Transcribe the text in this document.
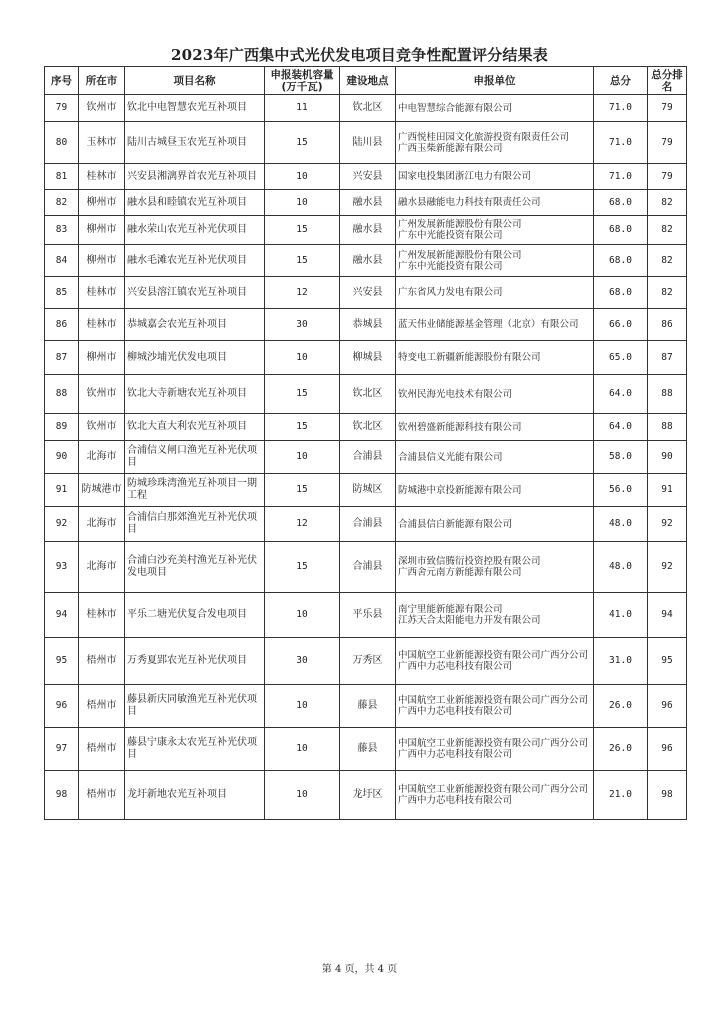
2023年广西集中式光伏发电项目竞争性配置评分结果表
序号	所在市	项目名称	申报装机容量(万千瓦)	建设地点	申报单位	总分	总分排名
79	钦州市	钦北中电智慧农光互补项目	11	钦北区	中电智慧综合能源有限公司	71.0	79
80	玉林市	陆川古城昼玉农光互补项目	15	陆川县	广西悦桂田园文化旅游投资有限责任公司
广西玉柴新能源有限公司	71.0	79
81	桂林市	兴安县湘漓界首农光互补项目	10	兴安县	国家电投集团浙江电力有限公司	71.0	79
82	柳州市	融水县和睦镇农光互补项目	10	融水县	融水县融能电力科技有限责任公司	68.0	82
83	柳州市	融水荣山农光互补光伏项目	15	融水县	广州发展新能源股份有限公司
广东中光能投资有限公司	68.0	82
84	柳州市	融水毛滩农光互补光伏项目	15	融水县	广州发展新能源股份有限公司
广东中光能投资有限公司	68.0	82
85	桂林市	兴安县溶江镇农光互补项目	12	兴安县	广东省风力发电有限公司	68.0	82
86	桂林市	恭城嘉会农光互补项目	30	恭城县	蓝天伟业储能源基金管理（北京）有限公司	66.0	86
87	柳州市	柳城沙埔光伏发电项目	10	柳城县	特变电工新疆新能源股份有限公司	65.0	87
88	钦州市	钦北大寺新塘农光互补项目	15	钦北区	钦州民海光电技术有限公司	64.0	88
89	钦州市	钦北大直大利农光互补项目	15	钦北区	钦州碧盛新能源科技有限公司	64.0	88
90	北海市	合浦信义闸口渔光互补光伏项目	10	合浦县	合浦县信义光能有限公司	58.0	90
91	防城港市	防城珍珠湾渔光互补项目一期工程	15	防城区	防城港中京投新能源有限公司	56.0	91
92	北海市	合浦信白那郊渔光互补光伏项目	12	合浦县	合浦县信白新能源有限公司	48.0	92
93	北海市	合浦白沙充美村渔光互补光伏发电项目	15	合浦县	深圳市致信腾衍投资控股有限公司
广西舍元南方新能源有限公司	48.0	92
94	桂林市	平乐二塘光伏复合发电项目	10	平乐县	南宁里能新能源有限公司
江苏天合太阳能电力开发有限公司	41.0	94
95	梧州市	万秀夏郢农光互补光伏项目	30	万秀区	中国航空工业新能源投资有限公司广西分公司
广西中力芯电科技有限公司	31.0	95
96	梧州市	藤县新庆同敏渔光互补光伏项目	10	藤县	中国航空工业新能源投资有限公司广西分公司
广西中力芯电科技有限公司	26.0	96
97	梧州市	藤县宁康永太农光互补光伏项目	10	藤县	中国航空工业新能源投资有限公司广西分公司
广西中力芯电科技有限公司	26.0	96
98	梧州市	龙圩新地农光互补项目	10	龙圩区	中国航空工业新能源投资有限公司广西分公司
广西中力芯电科技有限公司	21.0	98
第 4 页，共 4 页
